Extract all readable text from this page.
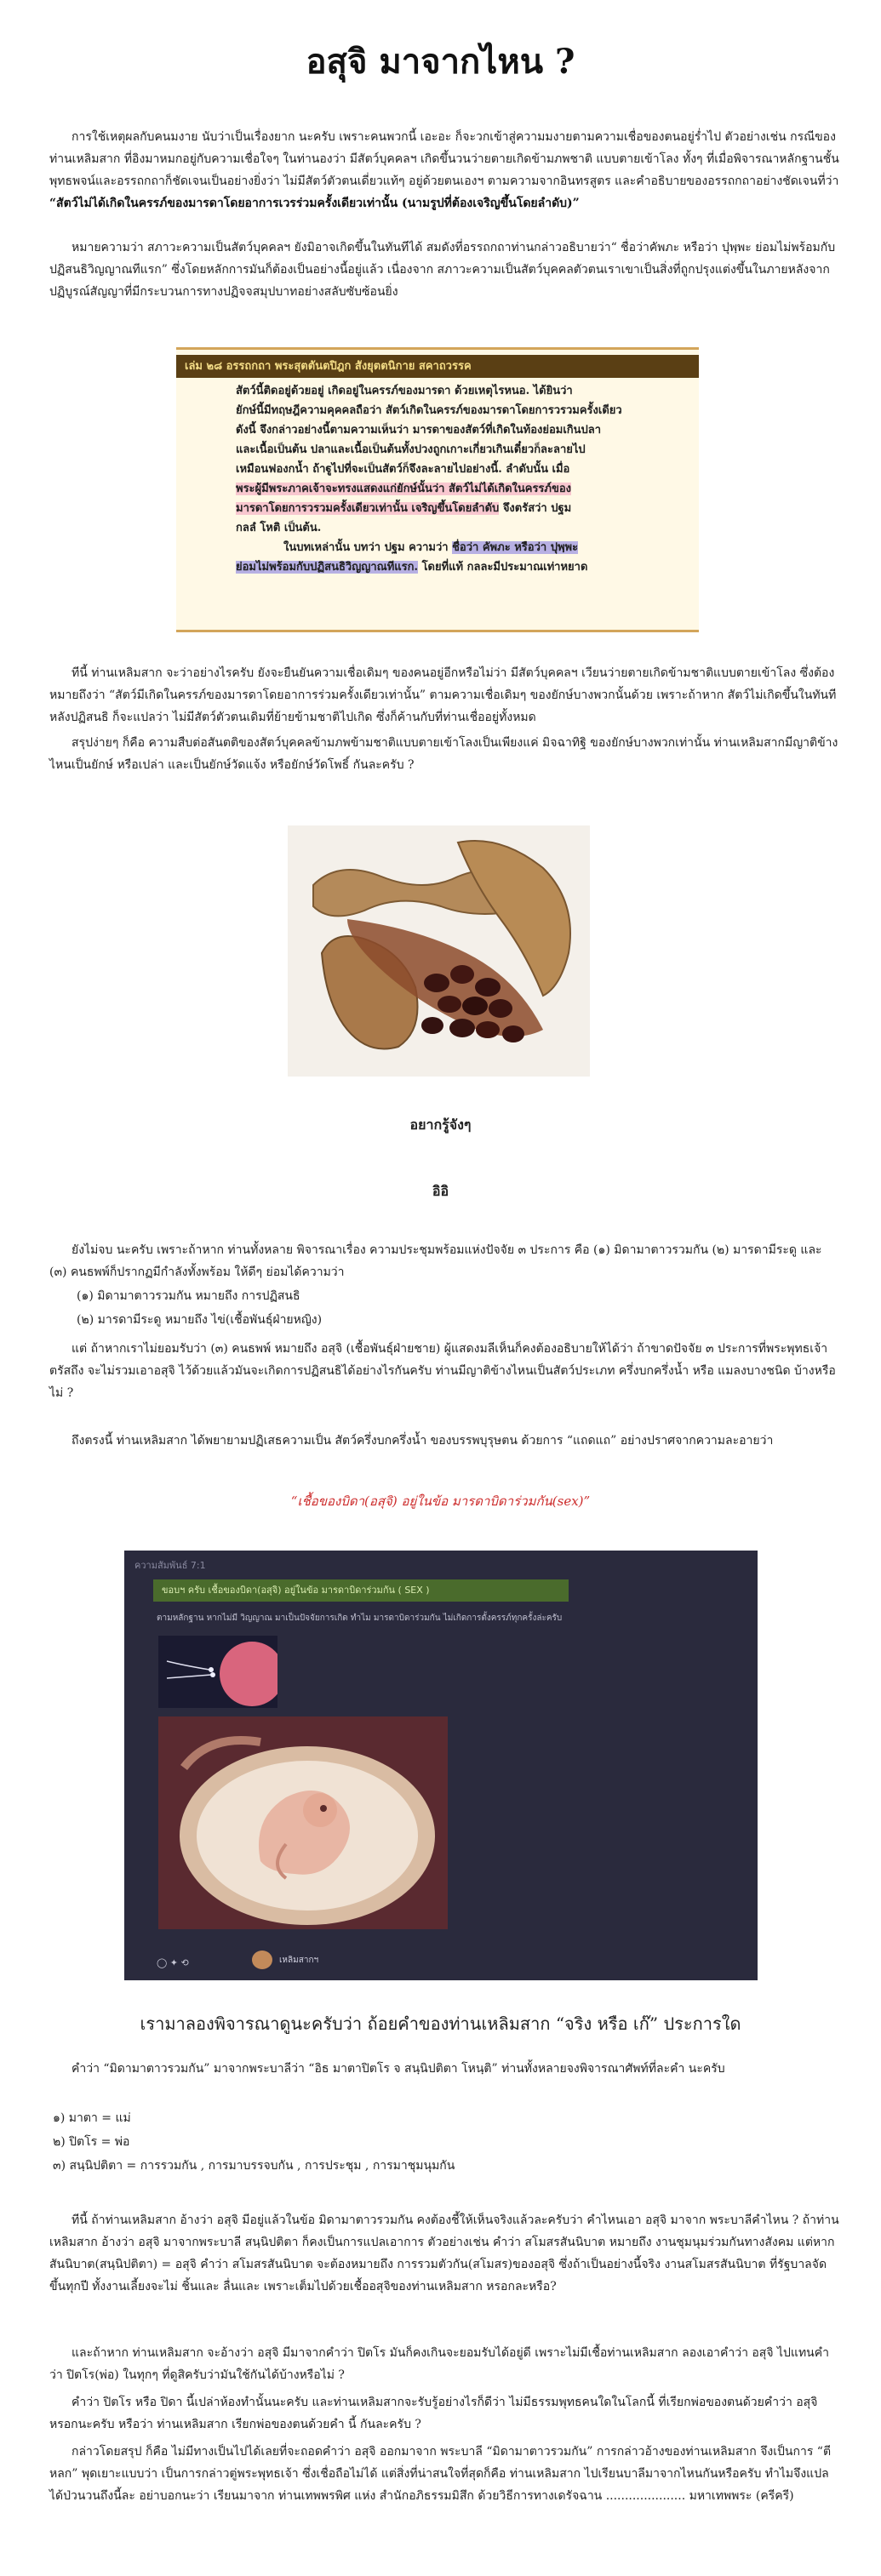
อสุจิ มาจากไหน ?
การใช้เหตุผลกับคนมงาย นับว่าเป็นเรื่องยาก นะครับ เพราะคนพวกนี้ เอะอะ ก็จะวกเข้าสู่ความมงายตามความเชื่อของตนอยู่ร่ำไป ตัวอย่างเช่น กรณีของท่านเหลิมสาก ที่อิงมาหมกอยู่กับความเชื่อใจๆ ในท่านองว่า มีสัตว์บุคคลฯ เกิดขึ้นวนว่ายตายเกิดข้ามภพชาติ แบบตายเข้าโลง ทั้งๆ ที่เมื่อพิจารณาหลักฐานชั้นพุทธพจน์และอรรถกถาก็ชัดเจนเป็นอย่างยิ่งว่า ไม่มีสัตว์ตัวตนเดี่ยวแท้ๆ อยู่ด้วยตนเองฯ ตามความจากอินทรสูตร และคำอธิบายของอรรถกถาอย่างชัดเจนที่ว่า “สัตว์ไม่ได้เกิดในครรภ์ของมารดาโดยอาการเวรร่วมครั้งเดียวเท่านั้น (นามรูปที่ต้องเจริญขึ้นโดยลำดับ)”
หมายความว่า สภาวะความเป็นสัตว์บุคคลฯ ยังมิอาจเกิดขึ้นในทันทีได้ สมดังที่อรรถกถาท่านกล่าวอธิบายว่า“ ชื่อว่าคัพภะ หรือว่า ปุพฺพะ ย่อมไม่พร้อมกับปฏิสนธิวิญญาณทีแรก” ซึ่งโดยหลักการมันก็ต้องเป็นอย่างนี้อยู่แล้ว เนื่องจาก สภาวะความเป็นสัตว์บุคคลตัวตนเราเขาเป็นสิ่งที่ถูกปรุงแต่งขึ้นในภายหลังจาก ปฏิบูรณ์สัญญาที่มีกระบวนการทางปฏิจจสมุปบาทอย่างสลับซับซ้อนยิ่ง
เล่ม ๒๘ อรรถกถา พระสุตตันตปิฎก สังยุตตนิกาย สคาถวรรค
สัตว์นี้ติดอยู่ด้วยอยู่ เกิดอยู่ในครรภ์ของมารดา ด้วยเหตุไรหนอ. ได้ยินว่า
ยักษ์นี้มีทฤษฎีความคุคคลถือว่า สัตว์เกิดในครรภ์ของมารดาโดยการวรวมครั้งเดียว
ดังนี้ จึงกล่าวอย่างนี้ตามความเห็นว่า มารดาของสัตว์ที่เกิดในท้องย่อมเกินปลา
และเนื้อเป็นต้น ปลาและเนื้อเป็นต้นทั้งปวงถูกเกาะเกี่ยวเกินเดี๋ยวก็ละลายไป
เหมือนฟองกน้ำ ถ้าฐูไปที่จะเป็นสัตว์ก็จึงละลายไปอย่างนี้. ลำดับนั้น เมื่อ
พระผู้มีพระภาคเจ้าจะทรงแสดงแก่ยักษ์นั้นว่า สัตว์ไม่ได้เกิดในครรภ์ของ
มารดาโดยการวรวมครั้งเดียวเท่านั้น เจริญขึ้นโดยลำดับ จึงตรัสว่า ปฐม
กลลํ โหติ เป็นต้น.
ในบทเหล่านั้น บทว่า ปฐม ความว่า ชื่อว่า คัพภะ หรือว่า ปุพฺพะ
ย่อมไม่พร้อมกับปฏิสนธิวิญญาณทีแรก. โดยที่แท้ กลละมีประมาณเท่าหยาด
ทีนี้ ท่านเหลิมสาก จะว่าอย่างไรครับ ยังจะยืนยันความเชื่อเดิมๆ ของคนอยู่อีกหรือไม่ว่า มีสัตว์บุคคลฯ เวียนว่ายตายเกิดข้ามชาติแบบตายเข้าโลง ซึ่งต้องหมายถึงว่า “สัตว์มีเกิดในครรภ์ของมารดาโดยอาการร่วมครั้งเดียวเท่านั้น” ตามความเชื่อเดิมๆ ของยักษ์บางพวกนั้นด้วย เพราะถ้าหาก สัตว์ไม่เกิดขึ้นในทันทีหลังปฏิสนธิ ก็จะแปลว่า ไม่มีสัตว์ตัวตนเดิมที่ย้ายข้ามชาติไปเกิด ซึ่งก็ค้านกับที่ท่านเชื่ออยู่ทั้งหมด
สรุปง่ายๆ ก็คือ ความสืบต่อสันตติของสัตว์บุคคลข้ามภพข้ามชาติแบบตายเข้าโลงเป็นเพียงแค่ มิจฉาทิฐิ ของยักษ์บางพวกเท่านั้น ท่านเหลิมสากมีญาติข้างไหนเป็นยักษ์ หรือเปล่า และเป็นยักษ์วัดแจ้ง หรือยักษ์วัดโพธิ์ กันละครับ ?
อยากรู้จังๆ
อิอิ
ยังไม่จบ นะครับ เพราะถ้าหาก ท่านทั้งหลาย พิจารณาเรื่อง ความประชุมพร้อมแห่งปัจจัย ๓ ประการ คือ (๑) มิดามาตาวรวมกัน (๒) มารดามีระดู และ (๓) คนธพพ์ก็ปรากฏมีกำลังทั้งพร้อม ให้ดีๆ ย่อมได้ความว่า
(๑) มิดามาตาวรวมกัน หมายถึง การปฏิสนธิ
(๒) มารดามีระดู หมายถึง ไข่(เชื้อพันธุ์ฝ่ายหญิง)
แต่ ถ้าหากเราไม่ยอมรับว่า (๓) คนธพพ์ หมายถึง อสุจิ (เชื้อพันธุ์ฝ่ายชาย) ผู้แสดงมลีเห็นก็คงต้องอธิบายให้ได้ว่า ถ้าขาดปัจจัย ๓ ประการที่พระพุทธเจ้าตรัสถึง จะไม่รวมเอาอสุจิ ไว้ด้วยแล้วมันจะเกิดการปฏิสนธิได้อย่างไรกันครับ ท่านมีญาติข้างไหนเป็นสัตว์ประเภท ครึ่งบกครึ่งน้ำ หรือ แมลงบางชนิด บ้างหรือไม่ ?
ถึงตรงนี้ ท่านเหลิมสาก ได้พยายามปฏิเสธความเป็น สัตว์ครึ่งบกครึ่งน้ำ ของบรรพบุรุษตน ด้วยการ “แถดแถ” อย่างปราศจากความละอายว่า
“เชื้อของบิดา(อสุจิ) อยู่ในข้อ มารดาบิดาร่วมกัน(sex)”
ความสัมพันธ์ 7:1
ขอบฯ ครับ เชื้อของบิดา(อสุจิ) อยู่ในข้อ มารดาบิดาร่วมกัน ( SEX )
ตามหลักฐาน หากไม่มี วิญญาณ มาเป็นปัจจัยการเกิด ทำไม มารดาบิดาร่วมกัน ไม่เกิดการตั้งครรภ์ทุกครั้งล่ะครับ
◯ ✦ ⟲	เหลิมสากฯ
เรามาลองพิจารณาดูนะครับว่า ถ้อยคำของท่านเหลิมสาก “จริง หรือ เก๊” ประการใด
คำว่า “มิดามาตาวรวมกัน” มาจากพระบาลีว่า “อิธ มาตาปิตโร จ สนฺนิปติตา โหนฺติ” ท่านทั้งหลายจงพิจารณาศัพท์ที่ละคำ นะครับ
๑) มาตา = แม่
๒) ปิตโร = พ่อ
๓) สนฺนิปติตา = การรวมกัน , การมาบรรจบกัน , การประชุม , การมาชุมนุมกัน
ทีนี้ ถ้าท่านเหลิมสาก อ้างว่า อสุจิ มีอยู่แล้วในข้อ มิดามาตาวรวมกัน คงต้องชี้ให้เห็นจริงแล้วละครับว่า คำไหนเอา อสุจิ มาจาก พระบาลีคำไหน ? ถ้าท่านเหลิมสาก อ้างว่า อสุจิ มาจากพระบาลี สนฺนิปติตา ก็คงเป็นการแปลเอาการ ตัวอย่างเช่น คำว่า สโมสรสันนิบาต หมายถึง งานชุมนุมร่วมกันทางสังคม แต่หาก สันนิบาต(สนฺนิปติตา) = อสุจิ คำว่า สโมสรสันนิบาต จะต้องหมายถึง การรวมตัวกัน(สโมสร)ของอสุจิ ซึ่งถ้าเป็นอย่างนี้จริง งานสโมสรสันนิบาต ที่รัฐบาลจัดขึ้นทุกปี ทั้งงานเลี้ยงจะไม่ ชิ้นและ ลื่นและ เพราะเต็มไปด้วยเชื้ออสุจิของท่านเหลิมสาก หรอกละหรือ?
และถ้าหาก ท่านเหลิมสาก จะอ้างว่า อสุจิ มีมาจากคำว่า ปิตโร มันก็คงเกินจะยอมรับได้อยู่ดี เพราะไม่มีเชื้อท่านเหลิมสาก ลองเอาคำว่า อสุจิ ไปแทนคำว่า ปิตโร(พ่อ) ในทุกๆ ที่ดูสิครับว่ามันใช้กันได้บ้างหรือไม่ ?
คำว่า ปิตโร หรือ ปิดา นี้เปล่าห้องทำนั้นนะครับ และท่านเหลิมสากจะรับรู้อย่างไรก็ดีว่า ไม่มีธรรมพุทธคนใดในโลกนี้ ที่เรียกพ่อของตนด้วยคำว่า อสุจิ หรอกนะครับ หรือว่า ท่านเหลิมสาก เรียกพ่อของตนด้วยคำ นี้ กันละครับ ?
กล่าวโดยสรุป ก็คือ ไม่มีทางเป็นไปได้เลยที่จะถอดคำว่า อสุจิ ออกมาจาก พระบาลี “มิดามาตาวรวมกัน” การกล่าวอ้างของท่านเหลิมสาก จึงเป็นการ “ตีหลก” พุดเยาะแบบว่า เป็นการกล่าวตู่พระพุทธเจ้า ซึ่งเชื่อถือไม่ได้ แต่สิ่งที่น่าสนใจที่สุดก็คือ ท่านเหลิมสาก ไปเรียนบาลีมาจากไหนกันหรือครับ ทำไมจึงแปลได้ป่วนวนถึงนี้ละ อย่าบอกนะว่า เรียนมาจาก ท่านเทพพรพิศ แห่ง สำนักอภิธรรมมิสึก ด้วยวิธีการทางเดรัจฉาน ..................... มหาเทพพระ (ครีครี)
